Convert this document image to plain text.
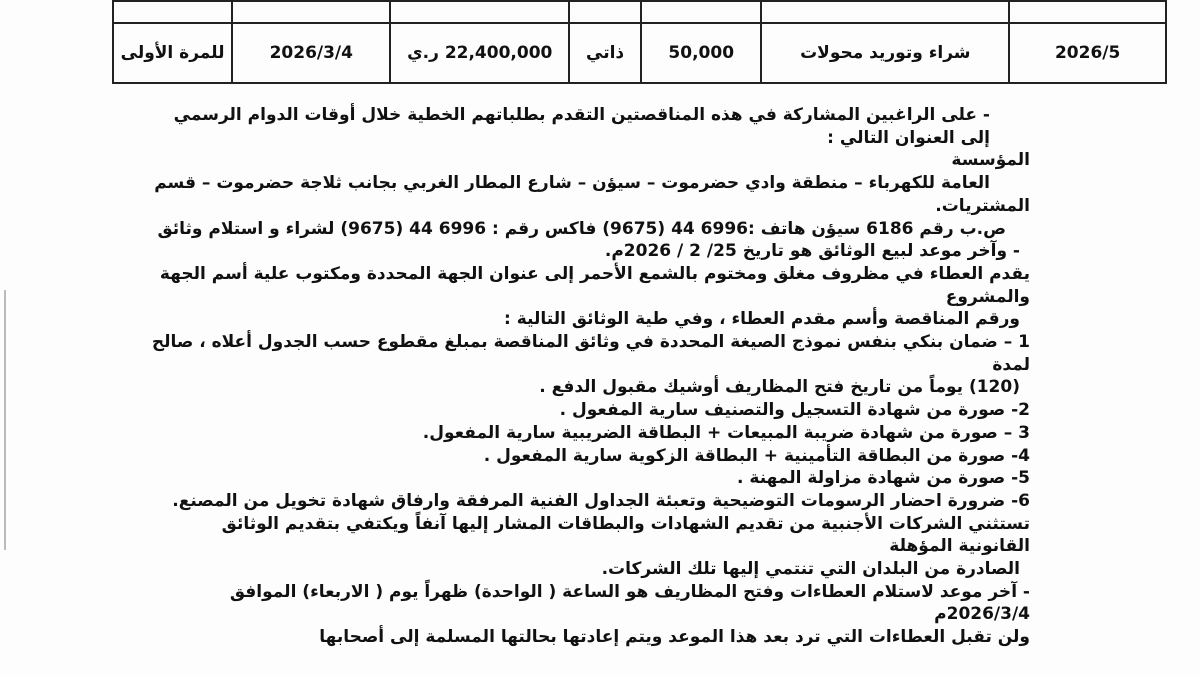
2026/5	شراء وتوريد محولات	50,000	ذاتي	22,400,000 ر.ي	2026/3/4	للمرة الأولى

- على الراغبين المشاركة في هذه المناقصتين التقدم بطلباتهم الخطية خلال أوقات الدوام الرسمي إلى العنوان التالي :

المؤسسة

العامة للكهرباء – منطقة وادي حضرموت – سيؤن – شارع المطار الغربي بجانب ثلاجة حضرموت – قسم

المشتريات.

ص.ب رقم 6186 سيؤن هاتف :6996 44 (9675) فاكس رقم : 6996 44 (9675) لشراء و استلام وثائق

- وآخر موعد لبيع الوثائق هو تاريخ 25/ 2 / 2026م.

يقدم العطاء في مظروف مغلق ومختوم بالشمع الأحمر إلى عنوان الجهة المحددة ومكتوب علية أسم الجهة والمشروع

ورقم المناقصة وأسم مقدم العطاء ، وفي طية الوثائق التالية :

1 – ضمان بنكي بنفس نموذج الصيغة المحددة في وثائق المناقصة بمبلغ مقطوع حسب الجدول أعلاه ، صالح لمدة

(120) يوماً من تاريخ فتح المظاريف أوشيك مقبول الدفع .

2- صورة من شهادة التسجيل والتصنيف سارية المفعول .

3 – صورة من شهادة ضريبة المبيعات + البطاقة الضريبية سارية المفعول.

4- صورة من البطاقة التأمينية + البطاقة الزكوية سارية المفعول .

5- صورة من شهادة مزاولة المهنة .

6- ضرورة احضار الرسومات التوضيحية وتعبئة الجداول الفنية المرفقة وارفاق شهادة تخويل من المصنع.

تستثني الشركات الأجنبية من تقديم الشهادات والبطاقات المشار إليها آنفاً ويكتفي بتقديم الوثائق القانونية المؤهلة

الصادرة من البلدان التي تنتمي إليها تلك الشركات.

- آخر موعد لاستلام العطاءات وفتح المظاريف هو الساعة ( الواحدة) ظهراً يوم ( الاربعاء) الموافق 2026/3/4م

ولن تقبل العطاءات التي ترد بعد هذا الموعد ويتم إعادتها بحالتها المسلمة إلى أصحابها
